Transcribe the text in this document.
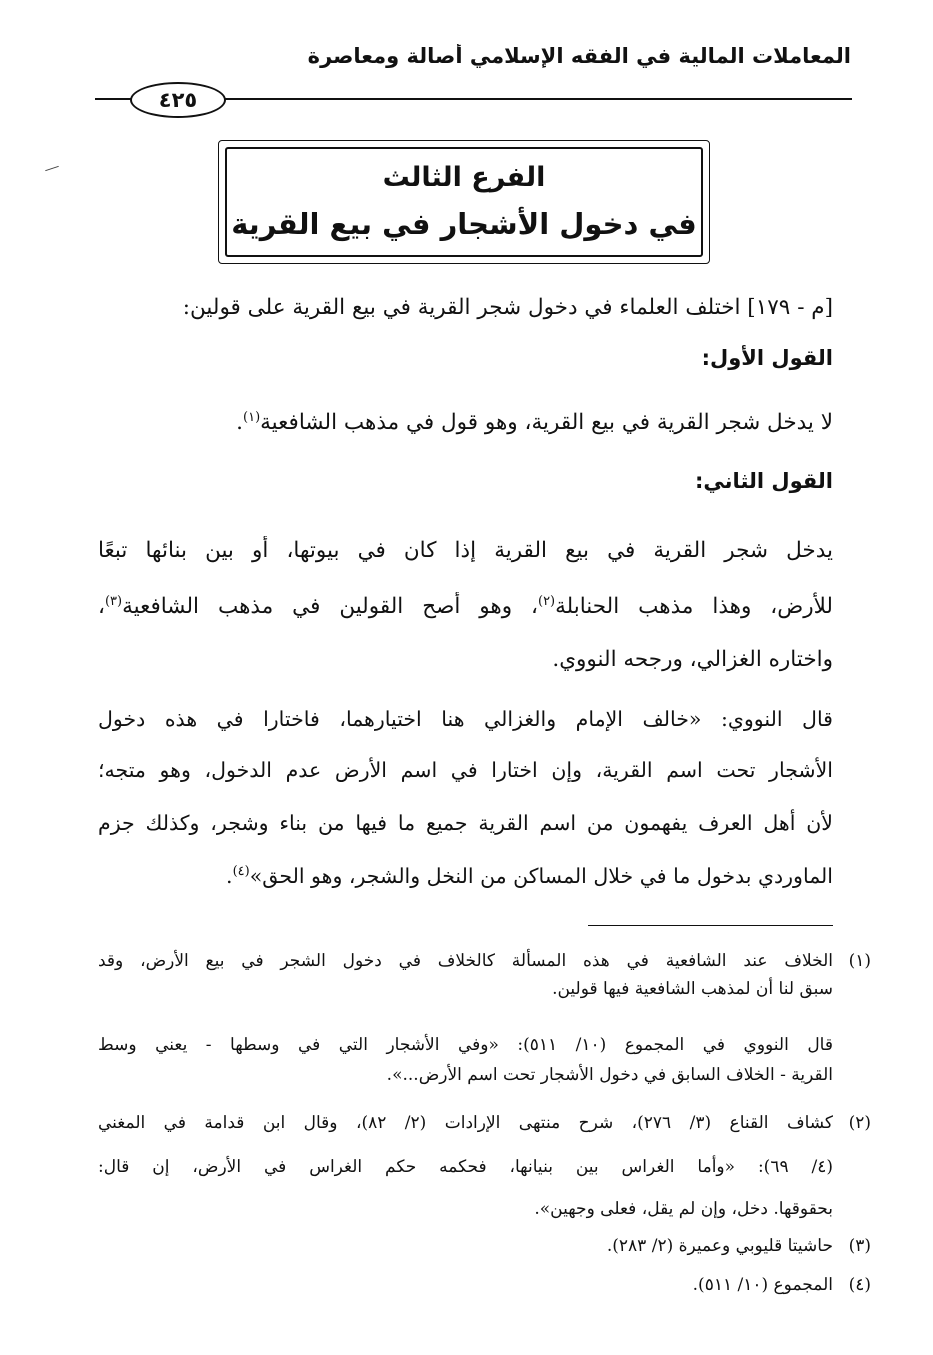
المعاملات المالية في الفقه الإسلامي أصالة ومعاصرة
٤٢٥
الفرع الثالث
في دخول الأشجار في بيع القرية
[م - ١٧٩] اختلف العلماء في دخول شجر القرية في بيع القرية على قولين:
القول الأول:
لا يدخل شجر القرية في بيع القرية، وهو قول في مذهب الشافعية$^{(١)}$.
القول الثاني:
يدخل شجر القرية في بيع القرية إذا كان في بيوتها، أو بين بنائها تبعًا
للأرض، وهذا مذهب الحنابلة$^{(٢)}$، وهو أصح القولين في مذهب الشافعية$^{(٣)}$،
واختاره الغزالي، ورجحه النووي.
قال النووي: «خالف الإمام والغزالي هنا اختيارهما، فاختارا في هذه دخول
الأشجار تحت اسم القرية، وإن اختارا في اسم الأرض عدم الدخول، وهو متجه؛
لأن أهل العرف يفهمون من اسم القرية جميع ما فيها من بناء وشجر، وكذلك جزم
الماوردي بدخول ما في خلال المساكن من النخل والشجر، وهو الحق»$^{(٤)}$.
(١)
الخلاف عند الشافعية في هذه المسألة كالخلاف في دخول الشجر في بيع الأرض، وقد
سبق لنا أن لمذهب الشافعية فيها قولين.
قال النووي في المجموع (١٠/ ٥١١): «وفي الأشجار التي في وسطها - يعني وسط
القرية - الخلاف السابق في دخول الأشجار تحت اسم الأرض...».
(٢)
كشاف القناع (٣/ ٢٧٦)، شرح منتهى الإرادات (٢/ ٨٢)، وقال ابن قدامة في المغني
(٤/ ٦٩): «وأما الغراس بين بنيانها، فحكمه حكم الغراس في الأرض، إن قال:
بحقوقها. دخل، وإن لم يقل، فعلى وجهين».
(٣)
حاشيتا قليوبي وعميرة (٢/ ٢٨٣).
(٤)
المجموع (١٠/ ٥١١).
